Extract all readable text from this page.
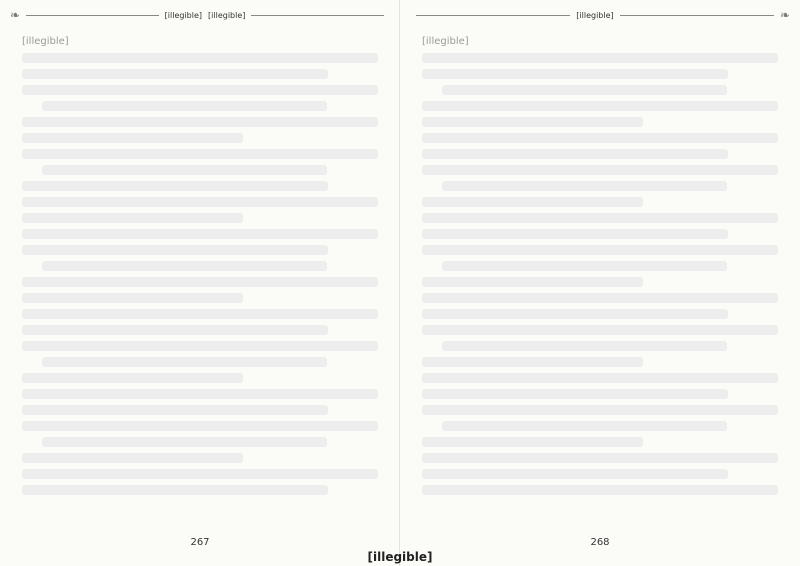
❧	[illegible] [illegible]
[illegible]
267
[illegible]	❧
[illegible]
268
[illegible]
